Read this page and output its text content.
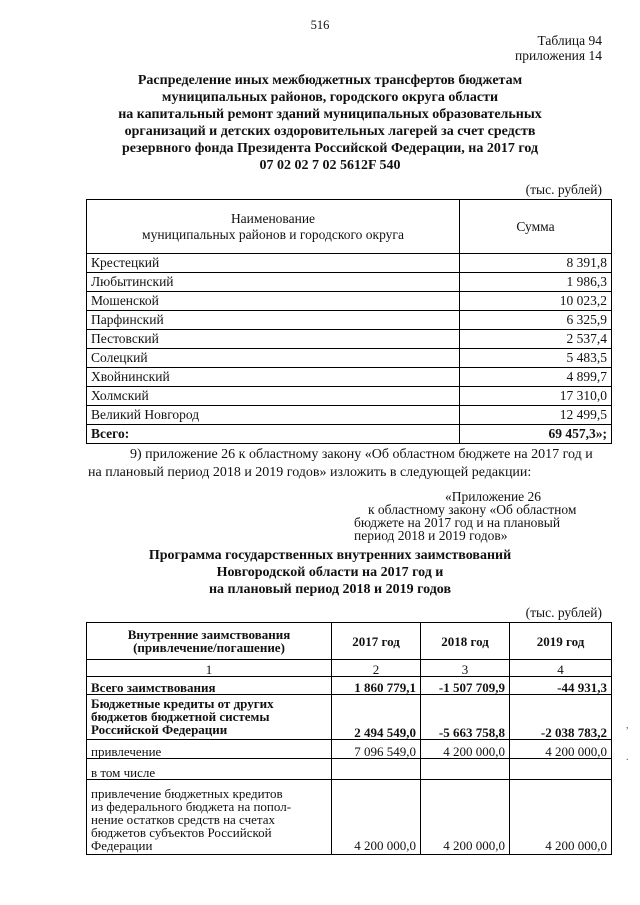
516
Таблица 94
приложения 14
Распределение иных межбюджетных трансфертов бюджетам
муниципальных районов, городского округа области
на капитальный ремонт зданий муниципальных образовательных
организаций и детских оздоровительных лагерей за счет средств
резервного фонда Президента Российской Федерации, на 2017 год
07 02 02 7 02 5612F 540
(тыс. рублей)
Наименование
муниципальных районов и городского округа	Сумма
Крестецкий	8 391,8
Любытинский	1 986,3
Мошенской	10 023,2
Парфинский	6 325,9
Пестовский	2 537,4
Солецкий	5 483,5
Хвойнинский	4 899,7
Холмский	17 310,0
Великий Новгород	12 499,5
Всего:	69 457,3»;
9) приложение 26 к областному закону «Об областном бюджете на 2017 год и на плановый период 2018 и 2019 годов» изложить в следующей редакции:
«Приложение 26
к областному закону «Об областном
бюджете на 2017 год и на плановый
период 2018 и 2019 годов»
Программа государственных внутренних заимствований
Новгородской области на 2017 год и
на плановый период 2018 и 2019 годов
(тыс. рублей)
Внутренние заимствования
(привлечение/погашение)	2017 год	2018 год	2019 год
1	2	3	4
Всего заимствования	1 860 779,1	-1 507 709,9	-44 931,3

Бюджетные кредиты от других
бюджетов бюджетной системы
Российской Федерации	2 494 549,0	-5 663 758,8	-2 038 783,2
привлечение	7 096 549,0	4 200 000,0	4 200 000,0
в том числе			

привлечение бюджетных кредитов
из федерального бюджета на попол-
нение остатков средств на счетах
бюджетов субъектов Российской
Федерации	4 200 000,0	4 200 000,0	4 200 000,0
,
.
